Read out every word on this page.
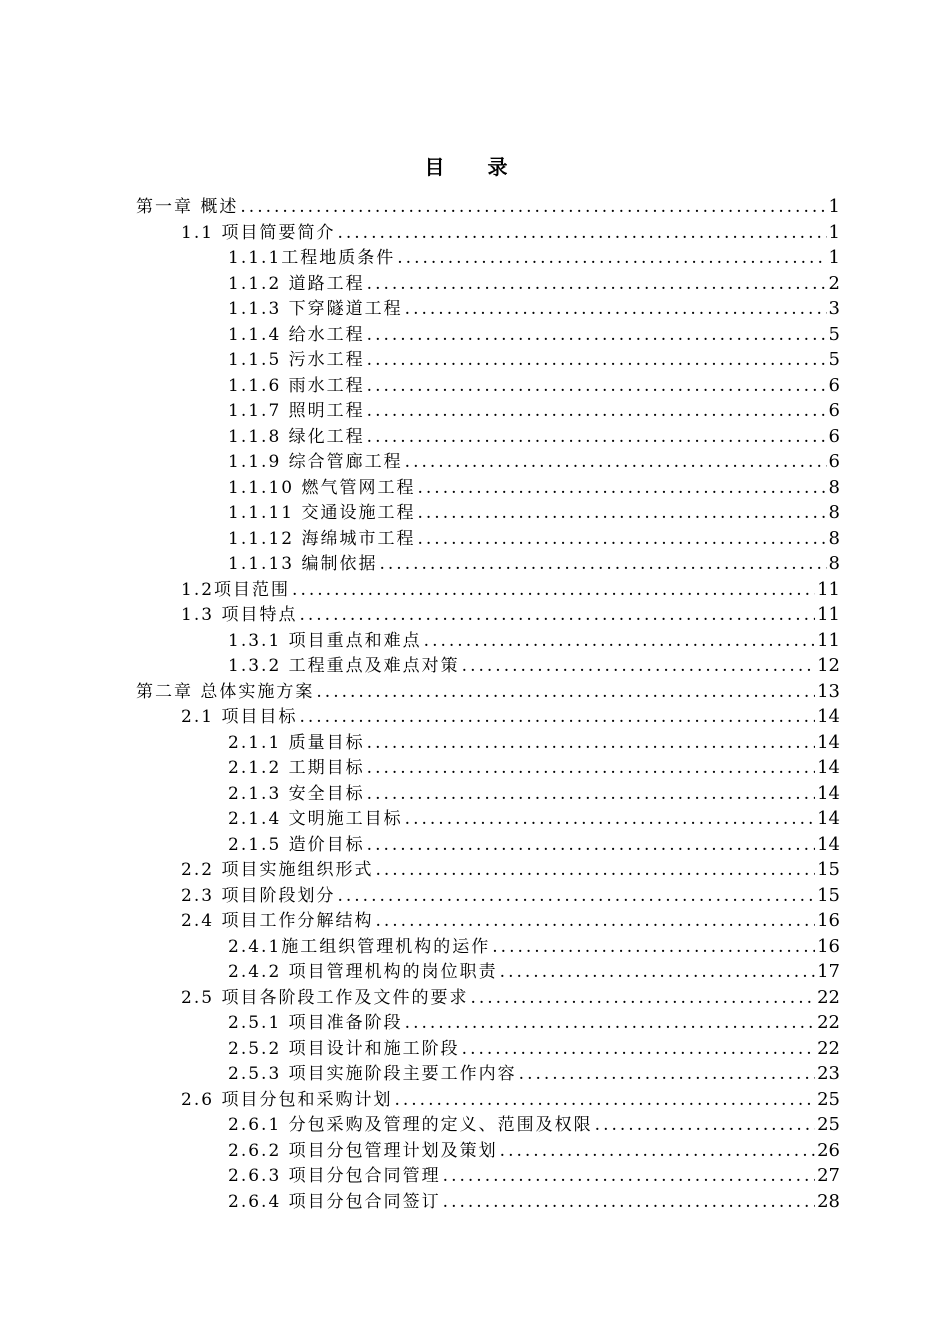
目 录
第一章 概述 .....	1
1.1 项目简要简介 .....	1
1.1.1工程地质条件 .....	1
1.1.2 道路工程 .....	2
1.1.3 下穿隧道工程 .....	3
1.1.4 给水工程 .....	5
1.1.5 污水工程 .....	5
1.1.6 雨水工程 .....	6
1.1.7 照明工程 .....	6
1.1.8 绿化工程 .....	6
1.1.9 综合管廊工程 .....	6
1.1.10 燃气管网工程 .....	8
1.1.11 交通设施工程 .....	8
1.1.12 海绵城市工程 .....	8
1.1.13 编制依据 .....	8
1.2项目范围 .....	11
1.3 项目特点 .....	11
1.3.1 项目重点和难点 .....	11
1.3.2 工程重点及难点对策 .....	12
第二章 总体实施方案 .....	13
2.1 项目目标 .....	14
2.1.1 质量目标 .....	14
2.1.2 工期目标 .....	14
2.1.3 安全目标 .....	14
2.1.4 文明施工目标 .....	14
2.1.5 造价目标 .....	14
2.2 项目实施组织形式 .....	15
2.3 项目阶段划分 .....	15
2.4 项目工作分解结构 .....	16
2.4.1施工组织管理机构的运作 .....	16
2.4.2 项目管理机构的岗位职责 .....	17
2.5 项目各阶段工作及文件的要求 .....	22
2.5.1 项目准备阶段 .....	22
2.5.2 项目设计和施工阶段 .....	22
2.5.3 项目实施阶段主要工作内容 .....	23
2.6 项目分包和采购计划 .....	25
2.6.1 分包采购及管理的定义、范围及权限 .....	25
2.6.2 项目分包管理计划及策划 .....	26
2.6.3 项目分包合同管理 .....	27
2.6.4 项目分包合同签订 .....	28
